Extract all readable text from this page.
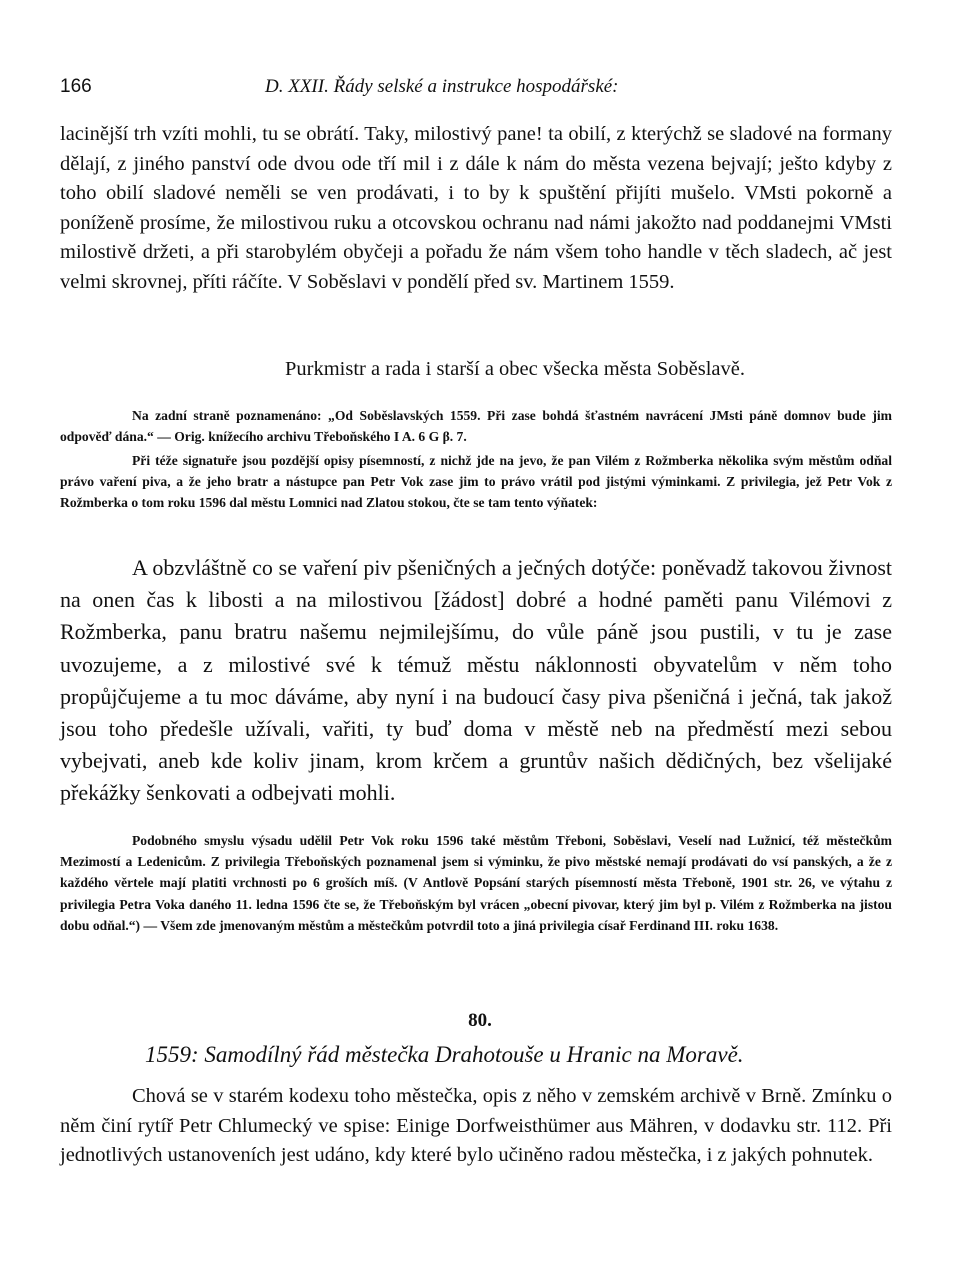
166	D. XXII. Řády selské a instrukce hospodářské:

lacinější trh vzíti mohli, tu se obrátí. Taky, milostivý pane! ta obilí, z kterýchž se sladové na formany dělají, z jiného panství ode dvou ode tří mil i z dále k nám do města vezena bejvají; ješto kdyby z toho obilí sladové neměli se ven prodávati, i to by k spuštění přijíti mušelo. VMsti pokorně a poníženě prosíme, že milostivou ruku a otcovskou ochranu nad námi jakožto nad poddanejmi VMsti milostivě držeti, a při starobylém obyčeji a pořadu že nám všem toho handle v těch sladech, ač jest velmi skrovnej, příti ráčíte. V Soběslavi v pondělí před sv. Martinem 1559.

Purkmistr a rada i starší a obec všecka města Soběslavě.

Na zadní straně poznamenáno: „Od Soběslavských 1559. Při zase bohdá šťastném navrácení JMsti páně domnov bude jim odpověď dána.“ — Orig. knížecího archivu Třeboňského I A. 6 G β. 7.

Při téže signatuře jsou pozdější opisy písemností, z nichž jde na jevo, že pan Vilém z Rožmberka několika svým městům odňal právo vaření piva, a že jeho bratr a nástupce pan Petr Vok zase jim to právo vrátil pod jistými výminkami. Z privilegia, jež Petr Vok z Rožmberka o tom roku 1596 dal městu Lomnici nad Zlatou stokou, čte se tam tento výňatek:

A obzvláštně co se vaření piv pšeničných a ječných dotýče: poněvadž takovou živnost na onen čas k libosti a na milostivou [žádost] dobré a hodné paměti panu Vilémovi z Rožmberka, panu bratru našemu nejmilejšímu, do vůle páně jsou pustili, v tu je zase uvozujeme, a z milostivé své k témuž městu náklonnosti obyvatelům v něm toho propůjčujeme a tu moc dáváme, aby nyní i na budoucí časy piva pšeničná i ječná, tak jakož jsou toho předešle užívali, vařiti, ty buď doma v městě neb na předměstí mezi sebou vybejvati, aneb kde koliv jinam, krom krčem a gruntův našich dědičných, bez všelijaké překážky šenkovati a odbejvati mohli.

Podobného smyslu výsadu udělil Petr Vok roku 1596 také městům Třeboni, Soběslavi, Veselí nad Lužnicí, též městečkům Mezimostí a Ledenicům. Z privilegia Třeboňských poznamenal jsem si výminku, že pivo městské nemají prodávati do vsí panských, a že z každého věrtele mají platiti vrchnosti po 6 groších míš. (V Antlově Popsání starých písemností města Třeboně, 1901 str. 26, ve výtahu z privilegia Petra Voka daného 11. ledna 1596 čte se, že Třeboňským byl vrácen „obecní pivovar, který jim byl p. Vilém z Rožmberka na jistou dobu odňal.“) — Všem zde jmenovaným městům a městečkům potvrdil toto a jiná privilegia císař Ferdinand III. roku 1638.

80.
1559: Samodílný řád městečka Drahotouše u Hranic na Moravě.

Chová se v starém kodexu toho městečka, opis z něho v zemském archivě v Brně. Zmínku o něm činí rytíř Petr Chlumecký ve spise: Einige Dorfweisthümer aus Mähren, v dodavku str. 112. Při jednotlivých ustanoveních jest udáno, kdy které bylo učiněno radou městečka, i z jakých pohnutek.
